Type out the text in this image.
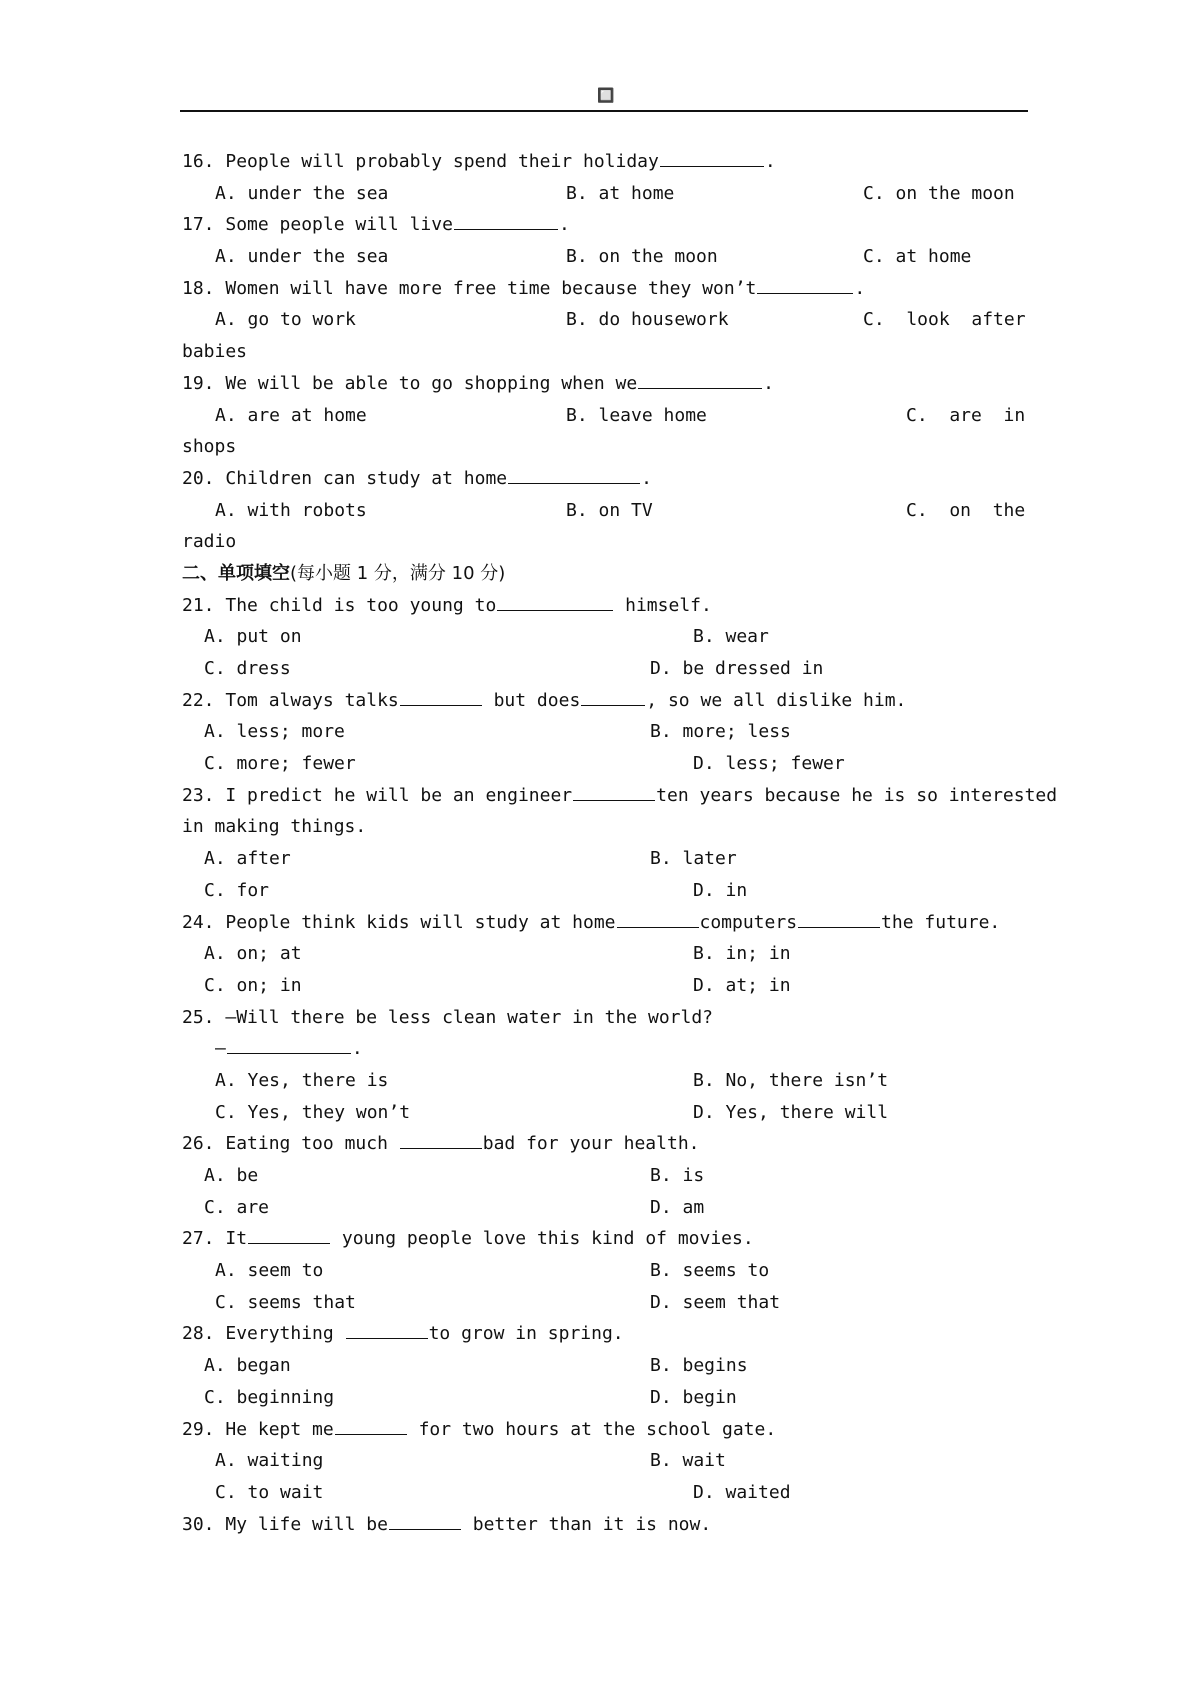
🔲
16. People will probably spend their holiday	.
A. under the sea	B. at home	C. on the moon
17. Some people will live	.
A. under the sea	B. on the moon	C. at home
18. Women will have more free time because they won’t	.
A. go to work	B. do housework	C.  look  after
babies
19. We will be able to go shopping when we	.
A. are at home	B. leave home	C.  are  in
shops
20. Children can study at home	.
A. with robots	B. on TV	C.  on  the
radio
二、单项填空(每小题 1 分，满分 10 分)
21. The child is too young to	himself.
A. put on	B. wear
C. dress	D. be dressed in
22. Tom always talks	but does	, so we all dislike him.
A. less; more	B. more; less
C. more; fewer	D. less; fewer
23. I predict he will be an engineer	ten years because he is so interested
in making things.
A. after	B. later
C. for	D. in
24. People think kids will study at home	computers	the future.
A. on; at	B. in; in
C. on; in	D. at; in
25. —Will there be less clean water in the world?
—	.
A. Yes, there is	B. No, there isn’t
C. Yes, they won’t	D. Yes, there will
26. Eating too much	bad for your health.
A. be	B. is
C. are	D. am
27. It	young people love this kind of movies.
A. seem to	B. seems to
C. seems that	D. seem that
28. Everything	to grow in spring.
A. began	B. begins
C. beginning	D. begin
29. He kept me	for two hours at the school gate.
A. waiting	B. wait
C. to wait	D. waited
30. My life will be	better than it is now.
